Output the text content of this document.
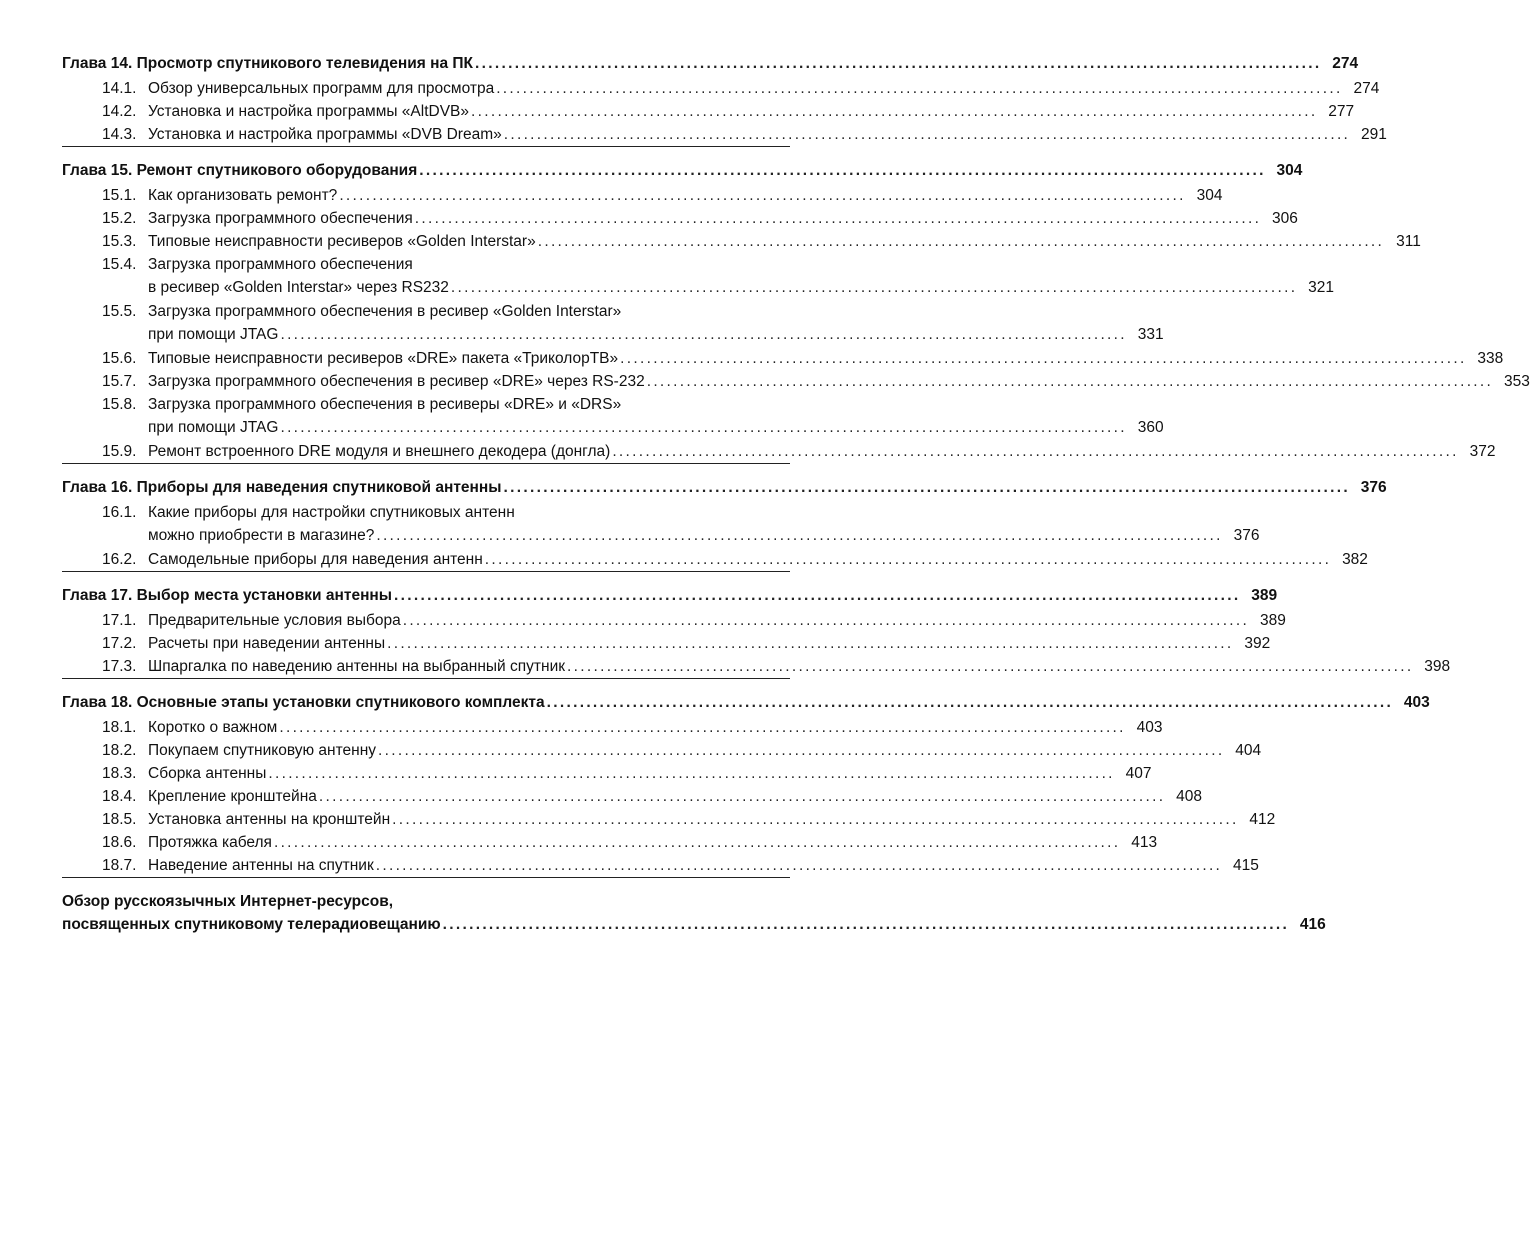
Глава 14. Просмотр спутникового телевидения на ПК . . .	274
14.1. Обзор универсальных программ для просмотра . . .	274
14.2. Установка и настройка программы «AltDVB» . . .	277
14.3. Установка и настройка программы «DVB Dream» . . .	291
Глава 15. Ремонт спутникового оборудования . . .	304
15.1. Как организовать ремонт? . . .	304
15.2. Загрузка программного обеспечения . . .	306
15.3. Типовые неисправности ресиверов «Golden Interstar» . . .	311
15.4. Загрузка программного обеспечения
в ресивер «Golden Interstar» через RS232 . . .	321
15.5. Загрузка программного обеспечения в ресивер «Golden Interstar»
при помощи JTAG . . .	331
15.6. Типовые неисправности ресиверов «DRE» пакета «ТриколорТВ» . . .	338
15.7. Загрузка программного обеспечения в ресивер «DRE» через RS-232 . . .	353
15.8. Загрузка программного обеспечения в ресиверы «DRE» и «DRS»
при помощи JTAG . . .	360
15.9. Ремонт встроенного DRE модуля и внешнего декодера (донгла) . . .	372
Глава 16. Приборы для наведения спутниковой антенны . . .	376
16.1. Какие приборы для настройки спутниковых антенн
можно приобрести в магазине? . . .	376
16.2. Самодельные приборы для наведения антенн . . .	382
Глава 17. Выбор места установки антенны . . .	389
17.1. Предварительные условия выбора . . .	389
17.2. Расчеты при наведении антенны . . .	392
17.3. Шпаргалка по наведению антенны на выбранный спутник . . .	398
Глава 18. Основные этапы установки спутникового комплекта . . .	403
18.1. Коротко о важном . . .	403
18.2. Покупаем спутниковую антенну . . .	404
18.3. Сборка антенны . . .	407
18.4. Крепление кронштейна . . .	408
18.5. Установка антенны на кронштейн . . .	412
18.6. Протяжка кабеля . . .	413
18.7. Наведение антенны на спутник . . .	415
Обзор русскоязычных Интернет-ресурсов,
посвященных спутниковому телерадиовещанию . . .	416
